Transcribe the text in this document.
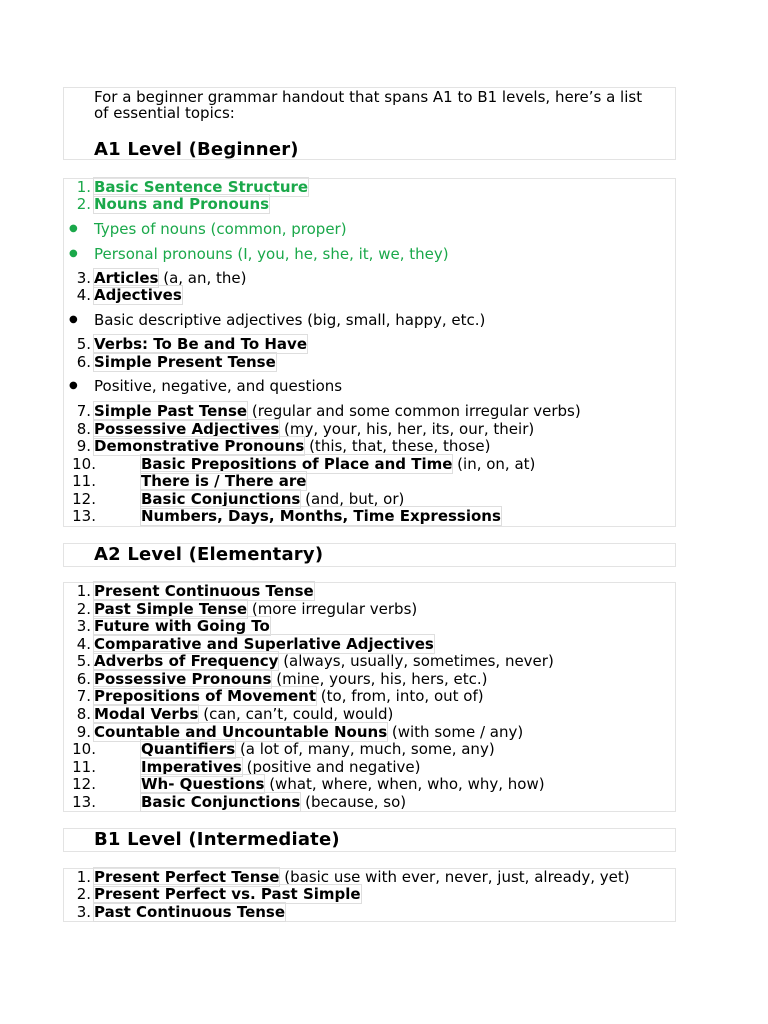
For a beginner grammar handout that spans A1 to B1 levels, here’s a list
of essential topics:
A1 Level (Beginner)
1. Basic Sentence Structure
2. Nouns and Pronouns
● Types of nouns (common, proper)
● Personal pronouns (I, you, he, she, it, we, they)
3. Articles (a, an, the)
4. Adjectives
● Basic descriptive adjectives (big, small, happy, etc.)
5. Verbs: To Be and To Have
6. Simple Present Tense
● Positive, negative, and questions
7. Simple Past Tense (regular and some common irregular verbs)
8. Possessive Adjectives (my, your, his, her, its, our, their)
9. Demonstrative Pronouns (this, that, these, those)
10.	Basic Prepositions of Place and Time (in, on, at)
11.	There is / There are
12.	Basic Conjunctions (and, but, or)
13.	Numbers, Days, Months, Time Expressions
A2 Level (Elementary)
1. Present Continuous Tense
2. Past Simple Tense (more irregular verbs)
3. Future with Going To
4. Comparative and Superlative Adjectives
5. Adverbs of Frequency (always, usually, sometimes, never)
6. Possessive Pronouns (mine, yours, his, hers, etc.)
7. Prepositions of Movement (to, from, into, out of)
8. Modal Verbs (can, can’t, could, would)
9. Countable and Uncountable Nouns (with some / any)
10.	Quantifiers (a lot of, many, much, some, any)
11.	Imperatives (positive and negative)
12.	Wh- Questions (what, where, when, who, why, how)
13.	Basic Conjunctions (because, so)
B1 Level (Intermediate)
1. Present Perfect Tense (basic use with ever, never, just, already, yet)
2. Present Perfect vs. Past Simple
3. Past Continuous Tense
